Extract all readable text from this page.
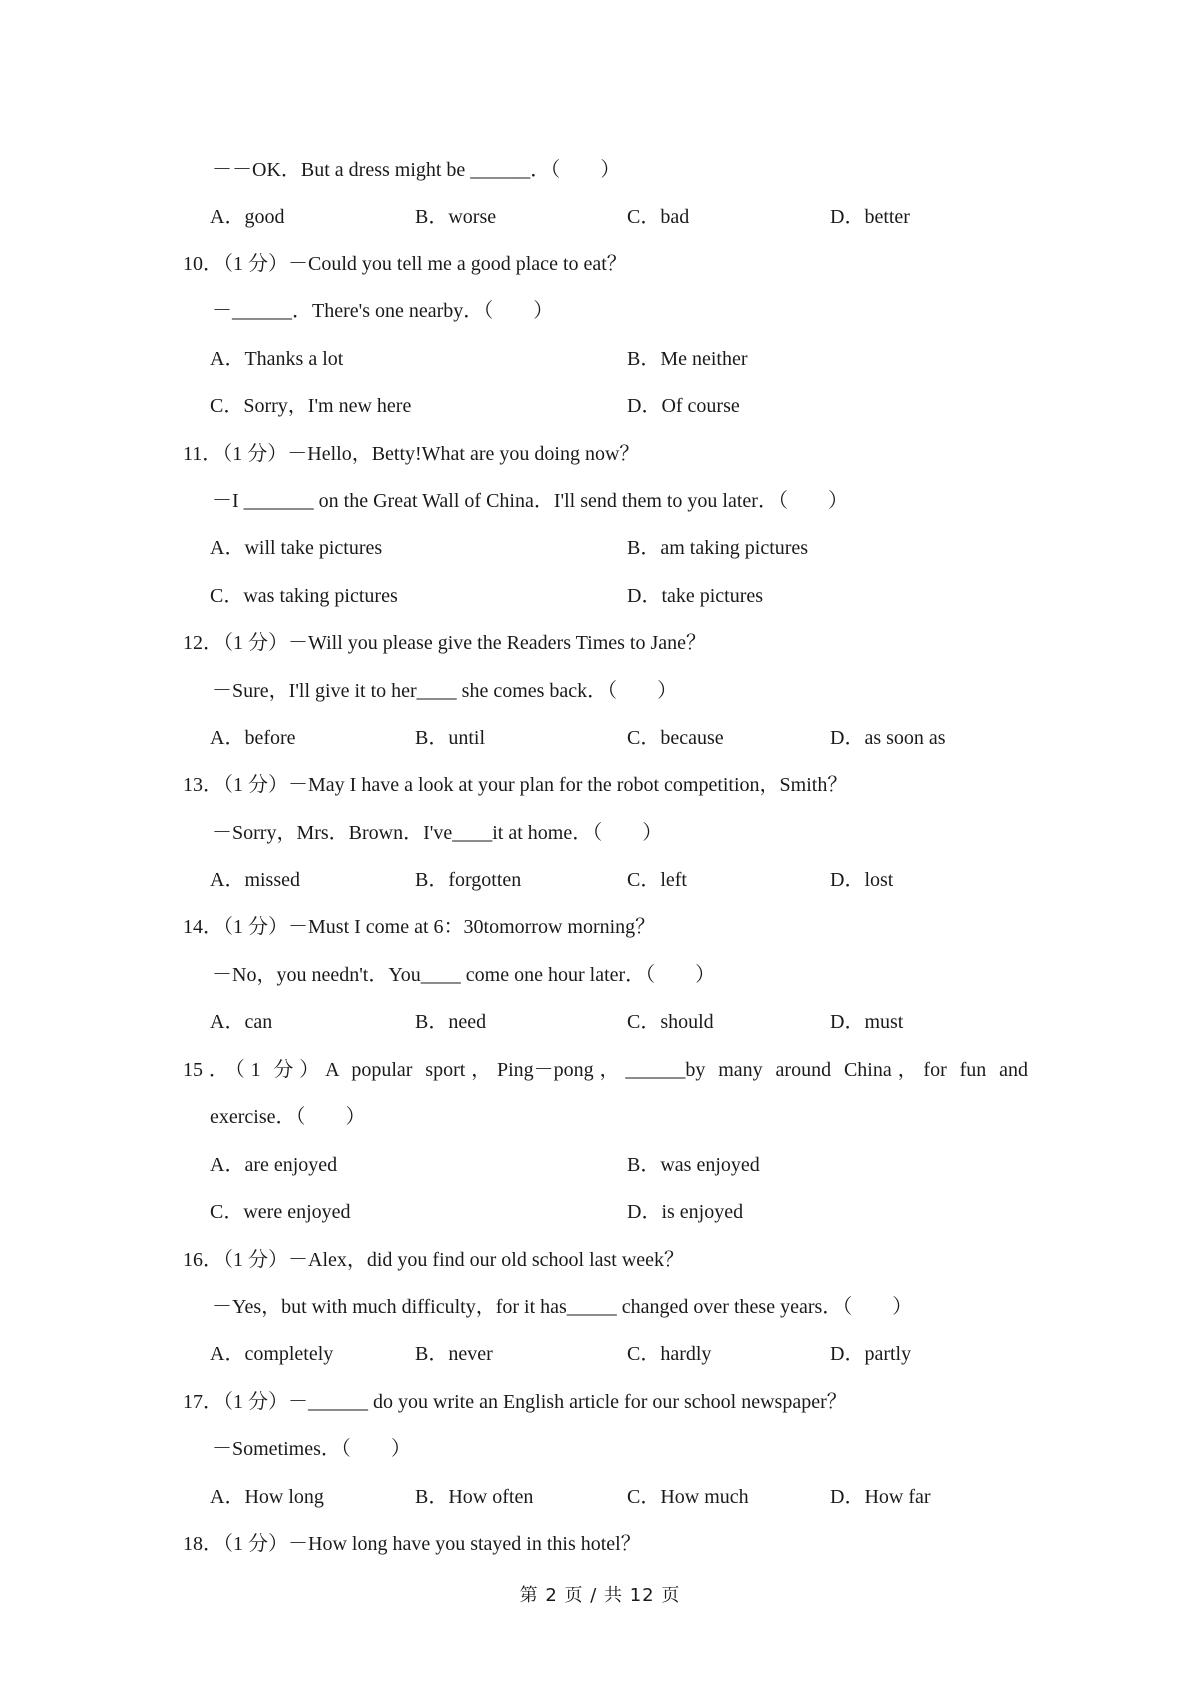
－－OK．But a dress might be ______．（　　）
A．good	B．worse	C．bad	D．better
10．（1 分）－Could you tell me a good place to eat？
－______．There's one nearby．（　　）
A．Thanks a lot	B．Me neither
C．Sorry，I'm new here	D．Of course
11．（1 分）－Hello，Betty!What are you doing now？
－I _______ on the Great Wall of China．I'll send them to you later．（　　）
A．will take pictures	B．am taking pictures
C．was taking pictures	D．take pictures
12．（1 分）－Will you please give the Readers Times to Jane？
－Sure，I'll give it to her____ she comes back．（　　）
A．before	B．until	C．because	D．as soon as
13．（1 分）－May I have a look at your plan for the robot competition，Smith？
－Sorry，Mrs．Brown．I've____it at home．（　　）
A．missed	B．forgotten	C．left	D．lost
14．（1 分）－Must I come at 6：30tomorrow morning？
－No，you needn't．You____ come one hour later．（　　）
A．can	B．need	C．should	D．must
15．（1 分）A popular sport，Ping－pong，______by many around China，for fun and
exercise．（　　）
A．are enjoyed	B．was enjoyed
C．were enjoyed	D．is enjoyed
16．（1 分）－Alex，did you find our old school last week？
－Yes，but with much difficulty，for it has_____ changed over these years．（　　）
A．completely	B．never	C．hardly	D．partly
17．（1 分）－______ do you write an English article for our school newspaper？
－Sometimes．（　　）
A．How long	B．How often	C．How much	D．How far
18．（1 分）－How long have you stayed in this hotel？
第 2 页 / 共 12 页
